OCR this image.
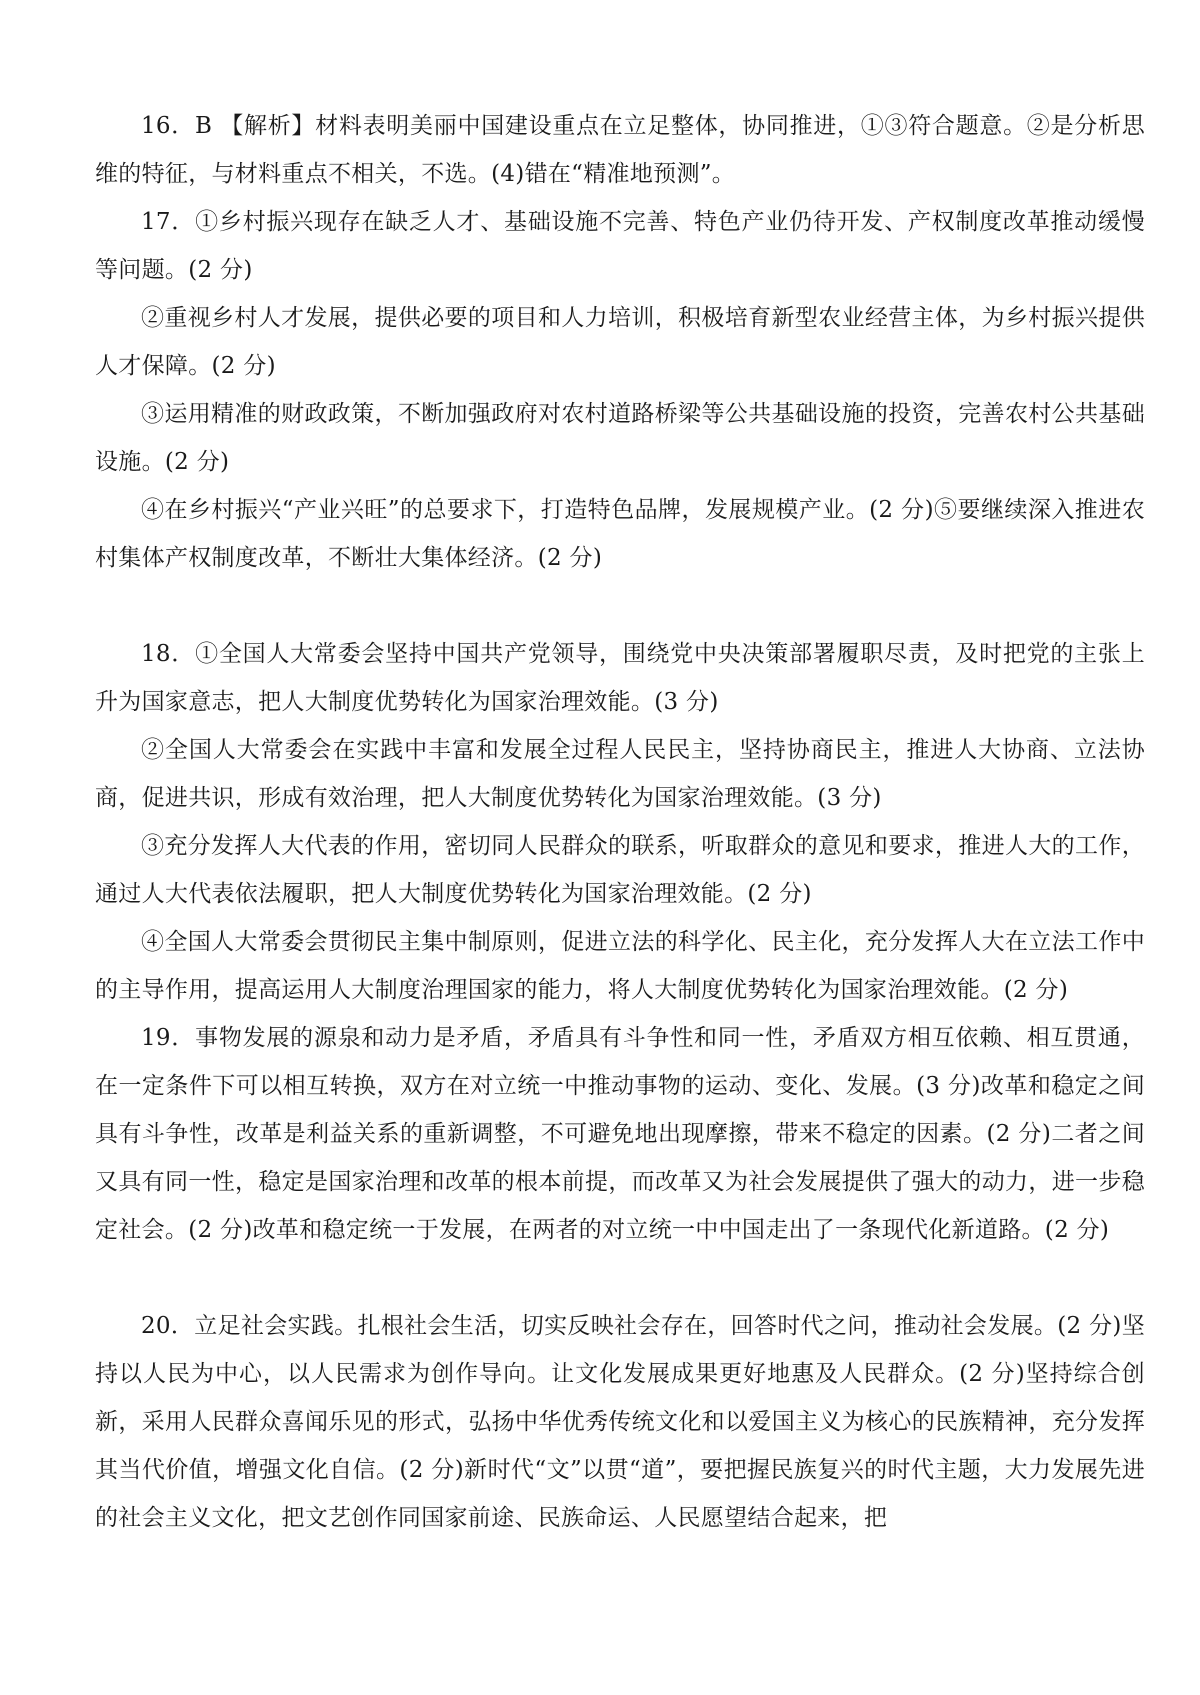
16．B 【解析】材料表明美丽中国建设重点在立足整体，协同推进，①③符合题意。②是分析思维的特征，与材料重点不相关，不选。(4)错在“精准地预测”。

17．①乡村振兴现存在缺乏人才、基础设施不完善、特色产业仍待开发、产权制度改革推动缓慢等问题。(2 分)

②重视乡村人才发展，提供必要的项目和人力培训，积极培育新型农业经营主体，为乡村振兴提供人才保障。(2 分)

③运用精准的财政政策，不断加强政府对农村道路桥梁等公共基础设施的投资，完善农村公共基础设施。(2 分)

④在乡村振兴“产业兴旺”的总要求下，打造特色品牌，发展规模产业。(2 分)⑤要继续深入推进农村集体产权制度改革，不断壮大集体经济。(2 分)

18．①全国人大常委会坚持中国共产党领导，围绕党中央决策部署履职尽责，及时把党的主张上升为国家意志，把人大制度优势转化为国家治理效能。(3 分)

②全国人大常委会在实践中丰富和发展全过程人民民主，坚持协商民主，推进人大协商、立法协商，促进共识，形成有效治理，把人大制度优势转化为国家治理效能。(3 分)

③充分发挥人大代表的作用，密切同人民群众的联系，听取群众的意见和要求，推进人大的工作，通过人大代表依法履职，把人大制度优势转化为国家治理效能。(2 分)

④全国人大常委会贯彻民主集中制原则，促进立法的科学化、民主化，充分发挥人大在立法工作中的主导作用，提高运用人大制度治理国家的能力，将人大制度优势转化为国家治理效能。(2 分)

19．事物发展的源泉和动力是矛盾，矛盾具有斗争性和同一性，矛盾双方相互依赖、相互贯通，在一定条件下可以相互转换，双方在对立统一中推动事物的运动、变化、发展。(3 分)改革和稳定之间具有斗争性，改革是利益关系的重新调整，不可避免地出现摩擦，带来不稳定的因素。(2 分)二者之间又具有同一性，稳定是国家治理和改革的根本前提，而改革又为社会发展提供了强大的动力，进一步稳定社会。(2 分)改革和稳定统一于发展，在两者的对立统一中中国走出了一条现代化新道路。(2 分)

20．立足社会实践。扎根社会生活，切实反映社会存在，回答时代之问，推动社会发展。(2 分)坚持以人民为中心，以人民需求为创作导向。让文化发展成果更好地惠及人民群众。(2 分)坚持综合创新，采用人民群众喜闻乐见的形式，弘扬中华优秀传统文化和以爱国主义为核心的民族精神，充分发挥其当代价值，增强文化自信。(2 分)新时代“文”以贯“道”，要把握民族复兴的时代主题，大力发展先进的社会主义文化，把文艺创作同国家前途、民族命运、人民愿望结合起来，把
